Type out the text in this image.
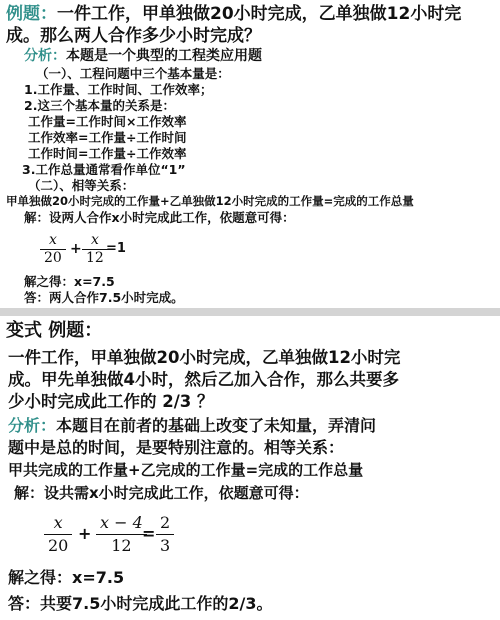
例题：一件工作，甲单独做20小时完成，乙单独做12小时完
成。那么两人合作多少小时完成？
分析：本题是一个典型的工程类应用题
（一）、工程问题中三个基本量是：
1.工作量、工作时间、工作效率；
2.这三个基本量的关系是：
工作量=工作时间×工作效率
工作效率=工作量÷工作时间
工作时间=工作量÷工作效率
3.工作总量通常看作单位“1”
（二）、相等关系：
甲单独做20小时完成的工作量+乙单独做12小时完成的工作量=完成的工作总量
解：设两人合作x小时完成此工作，依题意可得：
x
20
+
x
12
=1
解之得：x=7.5
答：两人合作7.5小时完成。
变式 例题：
一件工作，甲单独做20小时完成，乙单独做12小时完
成。甲先单独做4小时，然后乙加入合作，那么共要多
少小时完成此工作的 2/3 ？
分析：本题目在前者的基础上改变了未知量，弄清问
题中是总的时间，是要特别注意的。相等关系：
甲共完成的工作量+乙完成的工作量=完成的工作总量
解：设共需x小时完成此工作，依题意可得：
x
20
+
x − 4
12
=
2
3
解之得：x=7.5
答：共要7.5小时完成此工作的2/3。
